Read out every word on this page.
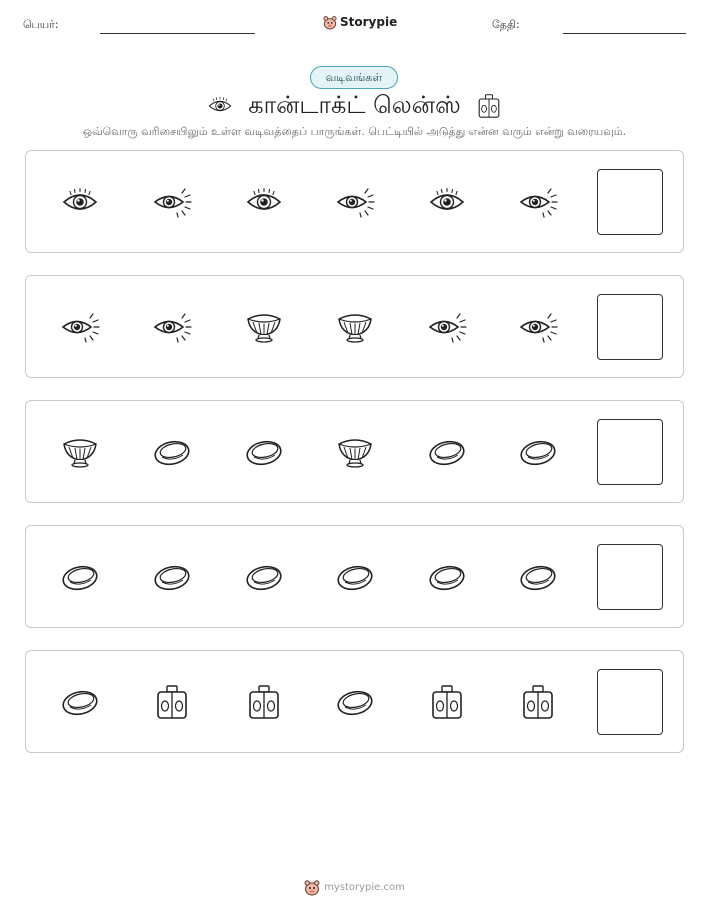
பெயர்:	Storypie	தேதி:
வடிவங்கள்
கான்டாக்ட் லென்ஸ்
ஒவ்வொரு வரிசையிலும் உள்ள வடிவத்தைப் பாருங்கள். பெட்டியில் அடுத்து என்ன வரும் என்று வரையவும்.
mystorypie.com
